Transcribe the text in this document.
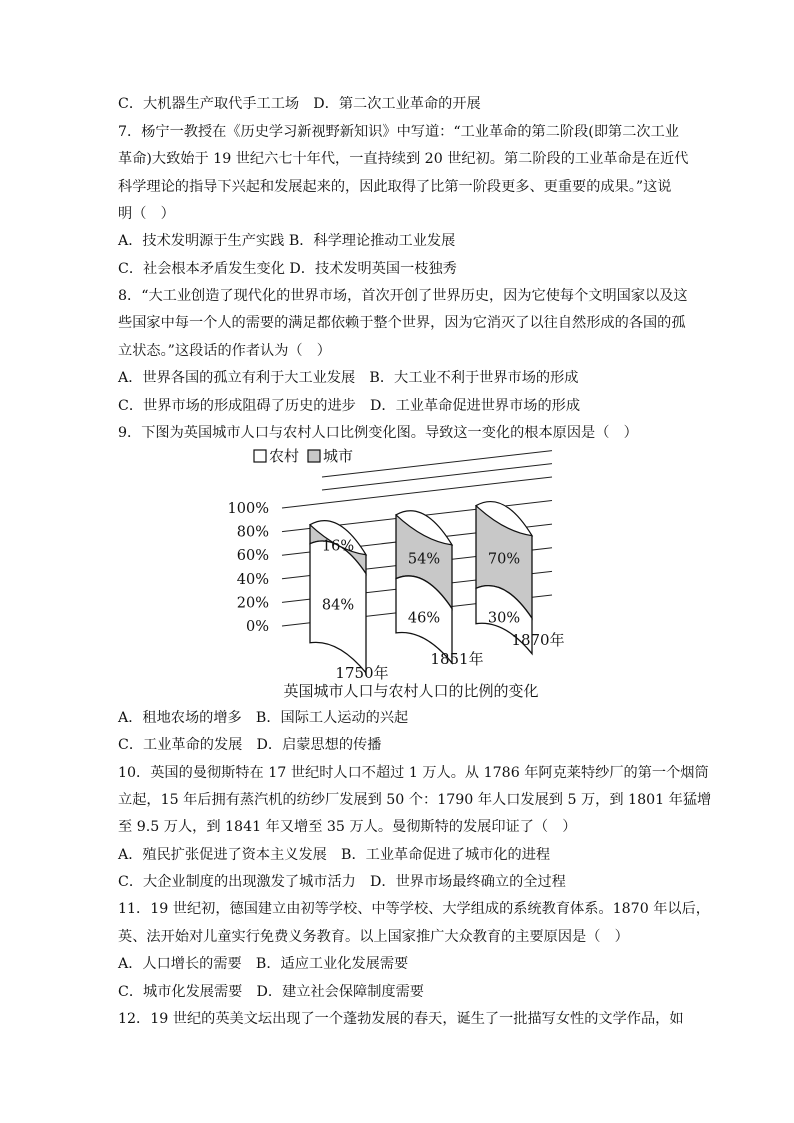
C．大机器生产取代手工工场　D．第二次工业革命的开展
7．杨宁一教授在《历史学习新视野新知识》中写道：“工业革命的第二阶段(即第二次工业
革命)大致始于 19 世纪六七十年代，一直持续到 20 世纪初。第二阶段的工业革命是在近代
科学理论的指导下兴起和发展起来的，因此取得了比第一阶段更多、更重要的成果。”这说
明（　）
A．技术发明源于生产实践 B．科学理论推动工业发展
C．社会根本矛盾发生变化 D．技术发明英国一枝独秀
8．“大工业创造了现代化的世界市场，首次开创了世界历史，因为它使每个文明国家以及这
些国家中每一个人的需要的满足都依赖于整个世界，因为它消灭了以往自然形成的各国的孤
立状态。”这段话的作者认为（　）
A．世界各国的孤立有利于大工业发展　B．大工业不利于世界市场的形成
C．世界市场的形成阻碍了历史的进步　D．工业革命促进世界市场的形成
9．下图为英国城市人口与农村人口比例变化图。导致这一变化的根本原因是（　）
0%
20%
40%
60%
80%
100%
16%
84%
1750年
54%
46%
1851年
70%
30%
1870年
农村 城市
英国城市人口与农村人口的比例的变化
A．租地农场的增多　B．国际工人运动的兴起
C．工业革命的发展　D．启蒙思想的传播
10．英国的曼彻斯特在 17 世纪时人口不超过 1 万人。从 1786 年阿克莱特纱厂的第一个烟筒
立起，15 年后拥有蒸汽机的纺纱厂发展到 50 个：1790 年人口发展到 5 万，到 1801 年猛增
至 9.5 万人，到 1841 年又增至 35 万人。曼彻斯特的发展印证了（　）
A．殖民扩张促进了资本主义发展　B．工业革命促进了城市化的进程
C．大企业制度的出现激发了城市活力　D．世界市场最终确立的全过程
11．19 世纪初，德国建立由初等学校、中等学校、大学组成的系统教育体系。1870 年以后，
英、法开始对儿童实行免费义务教育。以上国家推广大众教育的主要原因是（　）
A．人口增长的需要　B．适应工业化发展需要
C．城市化发展需要　D．建立社会保障制度需要
12．19 世纪的英美文坛出现了一个蓬勃发展的春天，诞生了一批描写女性的文学作品，如
